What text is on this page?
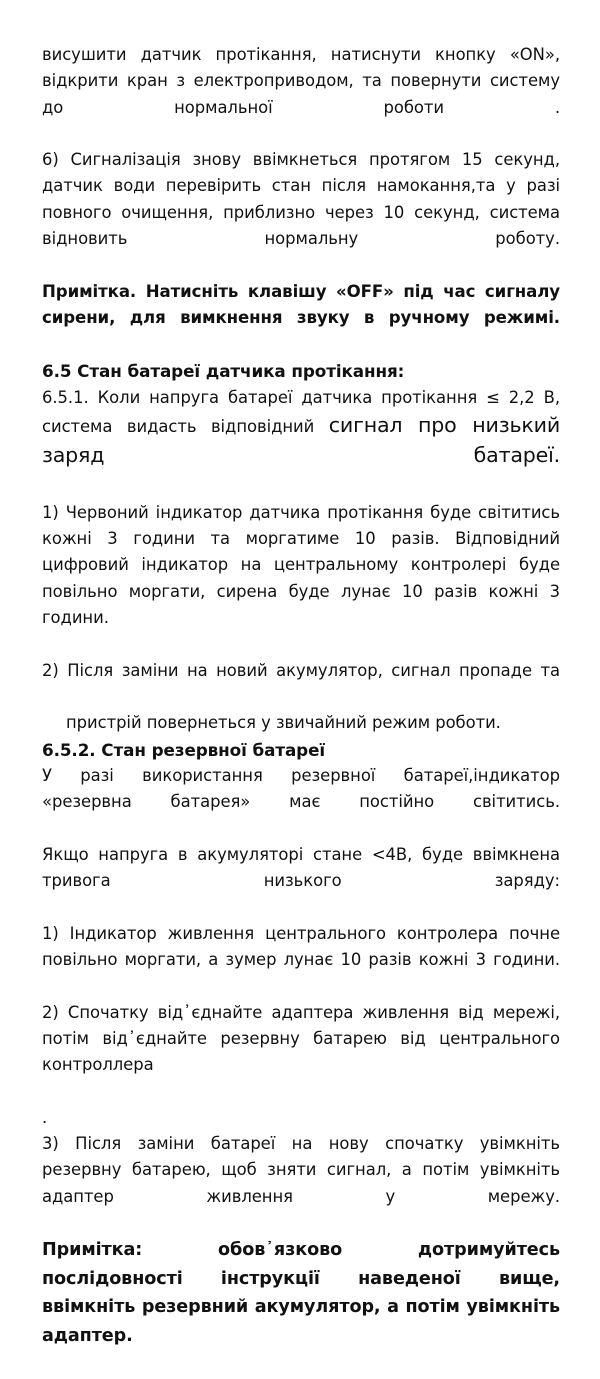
висушити датчик протікання, натиснути кнопку «ON», відкрити кран з електроприводом, та повернути систему до нормальної роботи .

6) Сигналізація знову ввімкнеться протягом 15 секунд, датчик води перевірить стан після намокання,та у разі повного очищення, приблизно через 10 секунд, система відновить нормальну роботу.

Примітка. Натисніть клавішу «OFF» під час сигналу сирени, для вимкнення звуку в ручному режимі.

6.5 Стан батареї датчика протікання:

6.5.1. Коли напруга батареї датчика протікання ≤ 2,2 В, система видасть відповідний сигнал про низький заряд батареї.

1) Червоний індикатор датчика протікання буде світитись кожні 3 години та моргатиме 10 разів. Відповідний цифровий індикатор на центральному контролері буде повільно моргати, сирена буде лунає 10 разів кожні 3 години.

2) Після заміни на новий акумулятор, сигнал пропаде та
пристрій повернеться у звичайний режим роботи.

6.5.2. Стан резервної батареї

У разі використання резервної батареї,індикатор «резервна батарея» має постійно світитись.

Якщо напруга в акумуляторі стане <4В, буде ввімкнена тривога низького заряду:

1) Індикатор живлення центрального контролера почне повільно моргати, а зумер лунає 10 разів кожні 3 години.

2) Спочатку від᾿єднайте адаптера живлення від мережі, потім від᾿єднайте резервну батарею від центрального контроллера
.

3) Після заміни батареї на нову спочатку увімкніть резервну батарею, щоб зняти сигнал, а потім увімкніть адаптер живлення у мережу.

Примітка: обов᾿язково дотримуйтесь послідовності інструкції наведеної вище, ввімкніть резервний акумулятор, а потім увімкніть адаптер.
